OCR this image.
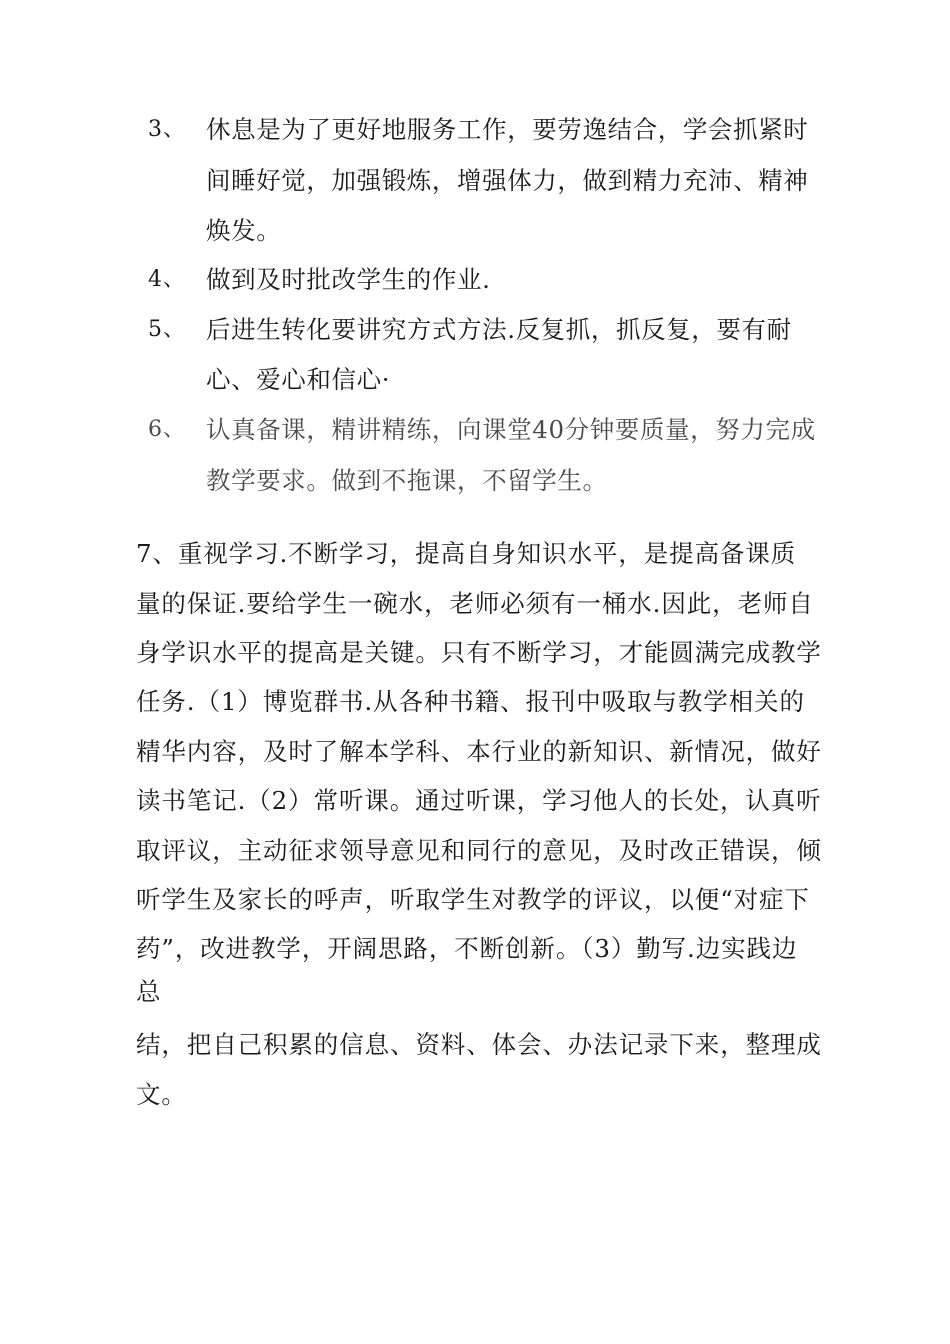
3、 休息是为了更好地服务工作，要劳逸结合，学会抓紧时
间睡好觉，加强锻炼，增强体力，做到精力充沛、精神
焕发。
4、 做到及时批改学生的作业.
5、 后进生转化要讲究方式方法.反复抓，抓反复，要有耐
心、爱心和信心·
6、 认真备课，精讲精练，向课堂40分钟要质量，努力完成
教学要求。做到不拖课，不留学生。
7、重视学习.不断学习，提高自身知识水平，是提高备课质
量的保证.要给学生一碗水，老师必须有一桶水.因此，老师自
身学识水平的提高是关键。只有不断学习，才能圆满完成教学
任务.（1）博览群书.从各种书籍、报刊中吸取与教学相关的
精华内容，及时了解本学科、本行业的新知识、新情况，做好
读书笔记.（2）常听课。通过听课，学习他人的长处，认真听
取评议，主动征求领导意见和同行的意见，及时改正错误，倾
听学生及家长的呼声，听取学生对教学的评议，以便“对症下
药”，改进教学，开阔思路，不断创新。（3）勤写.边实践边
总
结，把自己积累的信息、资料、体会、办法记录下来，整理成
文。
